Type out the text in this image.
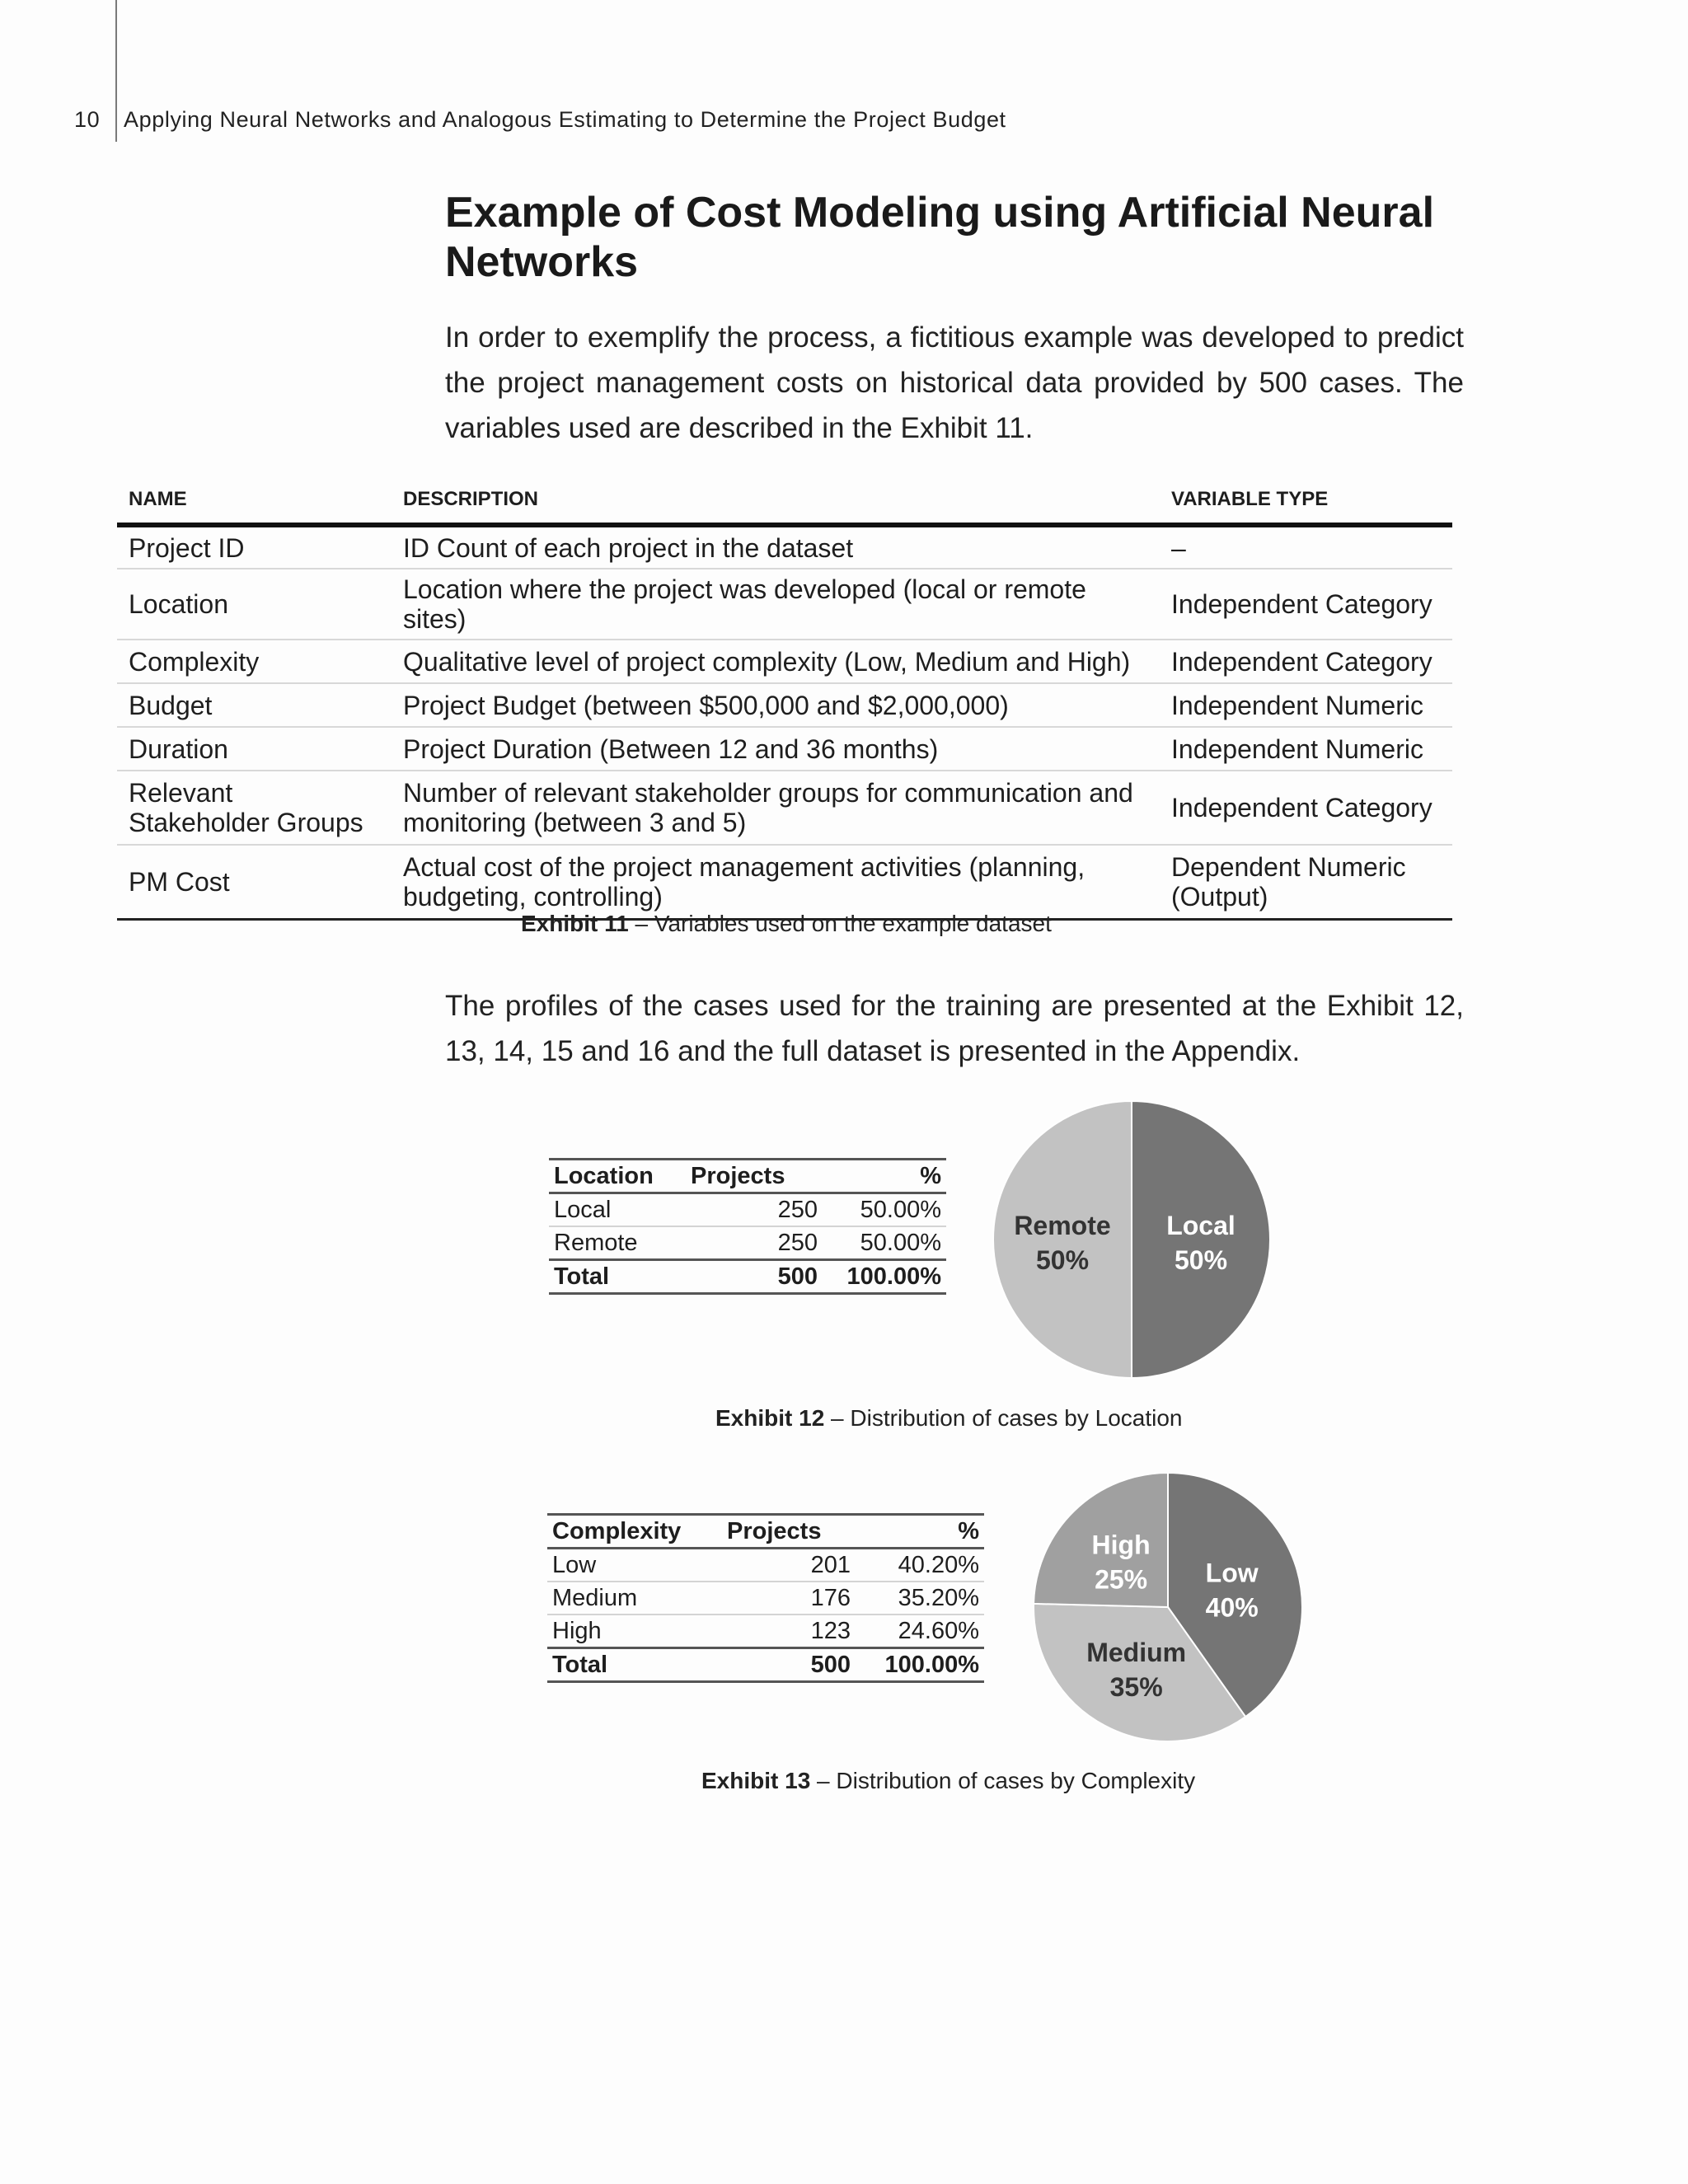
10 Applying Neural Networks and Analogous Estimating to Determine the Project Budget
Example of Cost Modeling using Artificial Neural Networks

In order to exemplify the process, a fictitious example was developed to predict the project management costs on historical data provided by 500 cases. The variables used are described in the Exhibit 11.

NAME	DESCRIPTION	VARIABLE TYPE
Project ID	ID Count of each project in the dataset	–
Location	Location where the project was developed (local or remote sites)	Independent Category
Complexity	Qualitative level of project complexity (Low, Medium and High)	Independent Category
Budget	Project Budget (between $500,000 and $2,000,000)	Independent Numeric
Duration	Project Duration (Between 12 and 36 months)	Independent Numeric
Relevant Stakeholder Groups	Number of relevant stakeholder groups for communication and monitoring (between 3 and 5)	Independent Category
PM Cost	Actual cost of the project management activities (planning, budgeting, controlling)	Dependent Numeric (Output)
Exhibit 11 – Variables used on the example dataset

The profiles of the cases used for the training are presented at the Exhibit 12, 13, 14, 15 and 16 and the full dataset is presented in the Appendix.

Location	Projects	%
Local	250	50.00%
Remote	250	50.00%
Total	500	100.00%
Local
50%
Remote
50%
Exhibit 12 – Distribution of cases by Location
Complexity	Projects	%
Low	201	40.20%
Medium	176	35.20%
High	123	24.60%
Total	500	100.00%
Low
40%
Medium
35%
High
25%
Exhibit 13 – Distribution of cases by Complexity
